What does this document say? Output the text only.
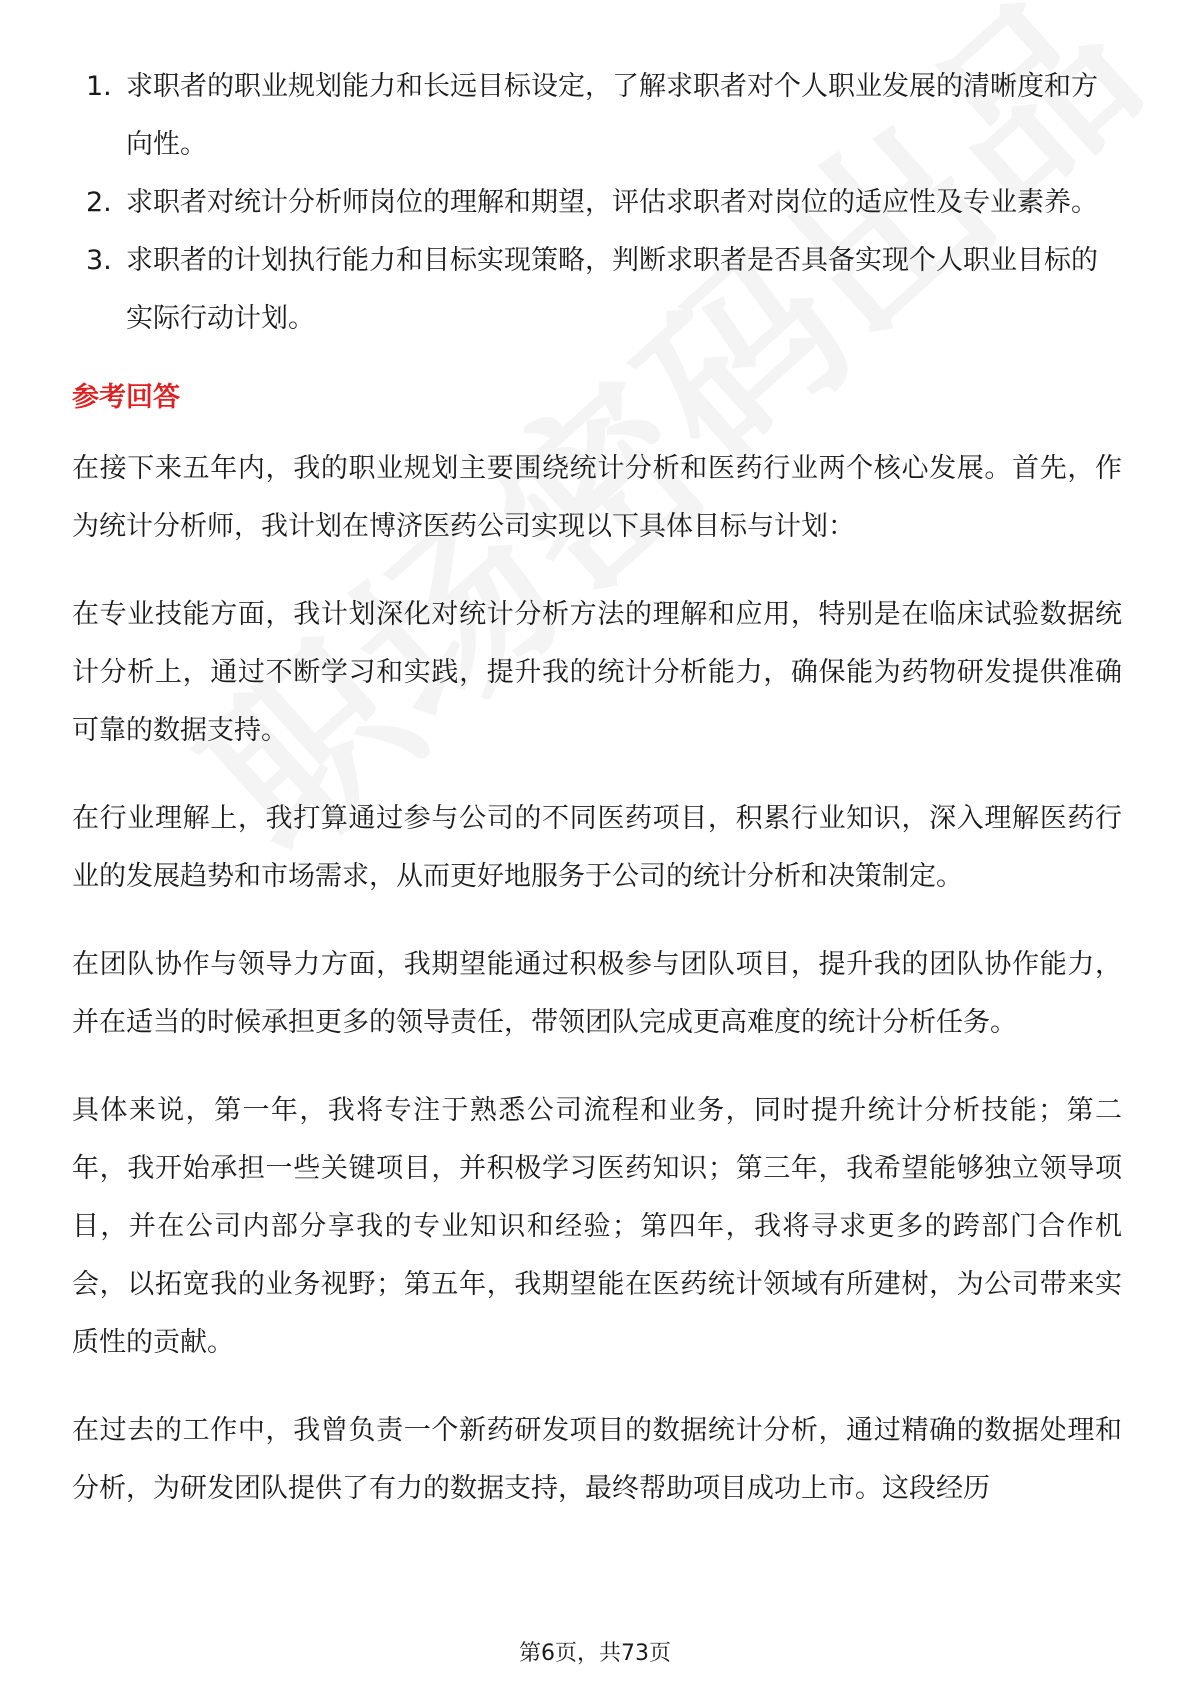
1. 求职者的职业规划能力和长远目标设定，了解求职者对个人职业发展的清晰度和方向性。
2. 求职者对统计分析师岗位的理解和期望，评估求职者对岗位的适应性及专业素养。
3. 求职者的计划执行能力和目标实现策略，判断求职者是否具备实现个人职业目标的实际行动计划。
参考回答

在接下来五年内，我的职业规划主要围绕统计分析和医药行业两个核心发展。首先，作为统计分析师，我计划在博济医药公司实现以下具体目标与计划：

在专业技能方面，我计划深化对统计分析方法的理解和应用，特别是在临床试验数据统计分析上，通过不断学习和实践，提升我的统计分析能力，确保能为药物研发提供准确可靠的数据支持。

在行业理解上，我打算通过参与公司的不同医药项目，积累行业知识，深入理解医药行业的发展趋势和市场需求，从而更好地服务于公司的统计分析和决策制定。

在团队协作与领导力方面，我期望能通过积极参与团队项目，提升我的团队协作能力，并在适当的时候承担更多的领导责任，带领团队完成更高难度的统计分析任务。

具体来说，第一年，我将专注于熟悉公司流程和业务，同时提升统计分析技能；第二年，我开始承担一些关键项目，并积极学习医药知识；第三年，我希望能够独立领导项目，并在公司内部分享我的专业知识和经验；第四年，我将寻求更多的跨部门合作机会，以拓宽我的业务视野；第五年，我期望能在医药统计领域有所建树，为公司带来实质性的贡献。

在过去的工作中，我曾负责一个新药研发项目的数据统计分析，通过精确的数据处理和分析，为研发团队提供了有力的数据支持，最终帮助项目成功上市。这段经历

第6页，共73页
